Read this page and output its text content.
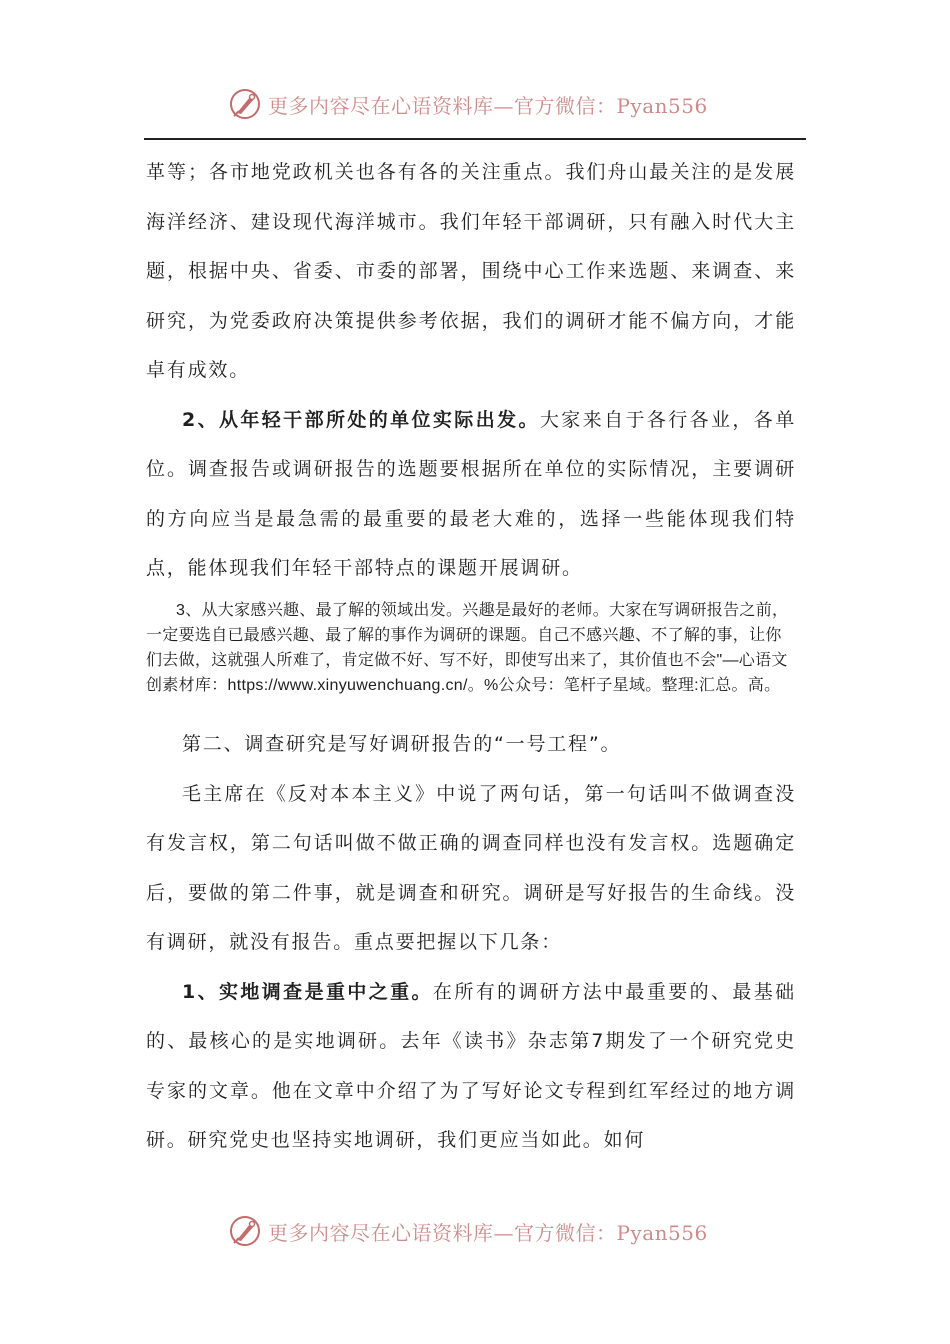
更多内容尽在心语资料库—官方微信：Pyan556

革等；各市地党政机关也各有各的关注重点。我们舟山最关注的是发展海洋经济、建设现代海洋城市。我们年轻干部调研，只有融入时代大主题，根据中央、省委、市委的部署，围绕中心工作来选题、来调查、来研究，为党委政府决策提供参考依据，我们的调研才能不偏方向，才能卓有成效。

2、从年轻干部所处的单位实际出发。大家来自于各行各业，各单位。调查报告或调研报告的选题要根据所在单位的实际情况，主要调研的方向应当是最急需的最重要的最老大难的，选择一些能体现我们特点，能体现我们年轻干部特点的课题开展调研。

3、从大家感兴趣、最了解的领域出发。兴趣是最好的老师。大家在写调研报告之前，一定要选自已最感兴趣、最了解的事作为调研的课题。自己不感兴趣、不了解的事，让你们去做，这就强人所难了，肯定做不好、写不好，即使写出来了，其价值也不会"—心语文创素材库：https://www.xinyuwenchuang.cn/。%公众号：笔杆子星域。整理:汇总。高。

第二、调查研究是写好调研报告的“一号工程”。

毛主席在《反对本本主义》中说了两句话，第一句话叫不做调查没有发言权，第二句话叫做不做正确的调查同样也没有发言权。选题确定后，要做的第二件事，就是调查和研究。调研是写好报告的生命线。没有调研，就没有报告。重点要把握以下几条：

1、实地调查是重中之重。在所有的调研方法中最重要的、最基础的、最核心的是实地调研。去年《读书》杂志第7期发了一个研究党史专家的文章。他在文章中介绍了为了写好论文专程到红军经过的地方调研。研究党史也坚持实地调研，我们更应当如此。如何

更多内容尽在心语资料库—官方微信：Pyan556
